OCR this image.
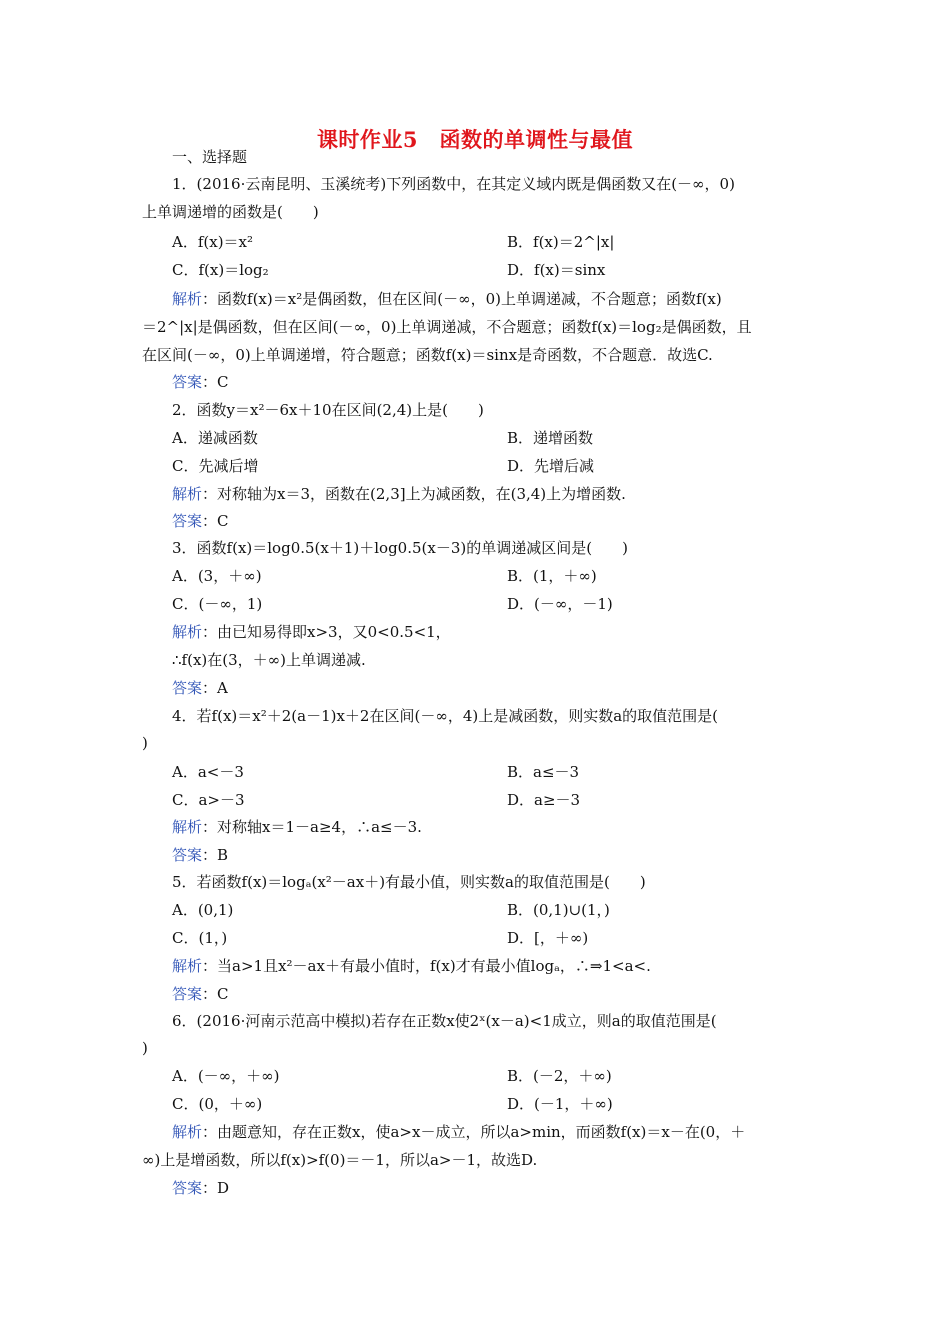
课时作业5　函数的单调性与最值
一、选择题
1．(2016·云南昆明、玉溪统考)下列函数中，在其定义域内既是偶函数又在(－∞，0)
上单调递增的函数是(　　)
A．f(x)＝x²	B．f(x)＝2^|x|
C．f(x)＝log₂	D．f(x)＝sinx
解析：函数f(x)＝x²是偶函数，但在区间(－∞，0)上单调递减，不合题意；函数f(x)
＝2^|x|是偶函数，但在区间(－∞，0)上单调递减，不合题意；函数f(x)＝log₂是偶函数，且
在区间(－∞，0)上单调递增，符合题意；函数f(x)＝sinx是奇函数，不合题意．故选C.
答案：C
2．函数y＝x²－6x＋10在区间(2,4)上是(　　)
A．递减函数	B．递增函数
C．先减后增	D．先增后减
解析：对称轴为x＝3，函数在(2,3]上为减函数，在(3,4)上为增函数.
答案：C
3．函数f(x)＝log0.5(x＋1)＋log0.5(x－3)的单调递减区间是(　　)
A．(3，＋∞)	B．(1，＋∞)
C．(－∞，1)	D．(－∞，－1)
解析：由已知易得即x>3，又0<0.5<1，
∴f(x)在(3，＋∞)上单调递减.
答案：A
4．若f(x)＝x²＋2(a－1)x＋2在区间(－∞，4)上是减函数，则实数a的取值范围是(
)
A．a<－3	B．a≤－3
C．a>－3	D．a≥－3
解析：对称轴x＝1－a≥4，∴a≤－3.
答案：B
5．若函数f(x)＝logₐ(x²－ax＋)有最小值，则实数a的取值范围是(　　)
A．(0,1)	B．(0,1)∪(1，)
C．(1，)	D．[，＋∞)
解析：当a>1且x²－ax＋有最小值时，f(x)才有最小值logₐ，∴⇒1<a<.
答案：C
6．(2016·河南示范高中模拟)若存在正数x使2ˣ(x－a)<1成立，则a的取值范围是(
)
A．(－∞，＋∞)	B．(－2，＋∞)
C．(0，＋∞)	D．(－1，＋∞)
解析：由题意知，存在正数x，使a>x－成立，所以a>min，而函数f(x)＝x－在(0，＋
∞)上是增函数，所以f(x)>f(0)＝－1，所以a>－1，故选D.
答案：D
